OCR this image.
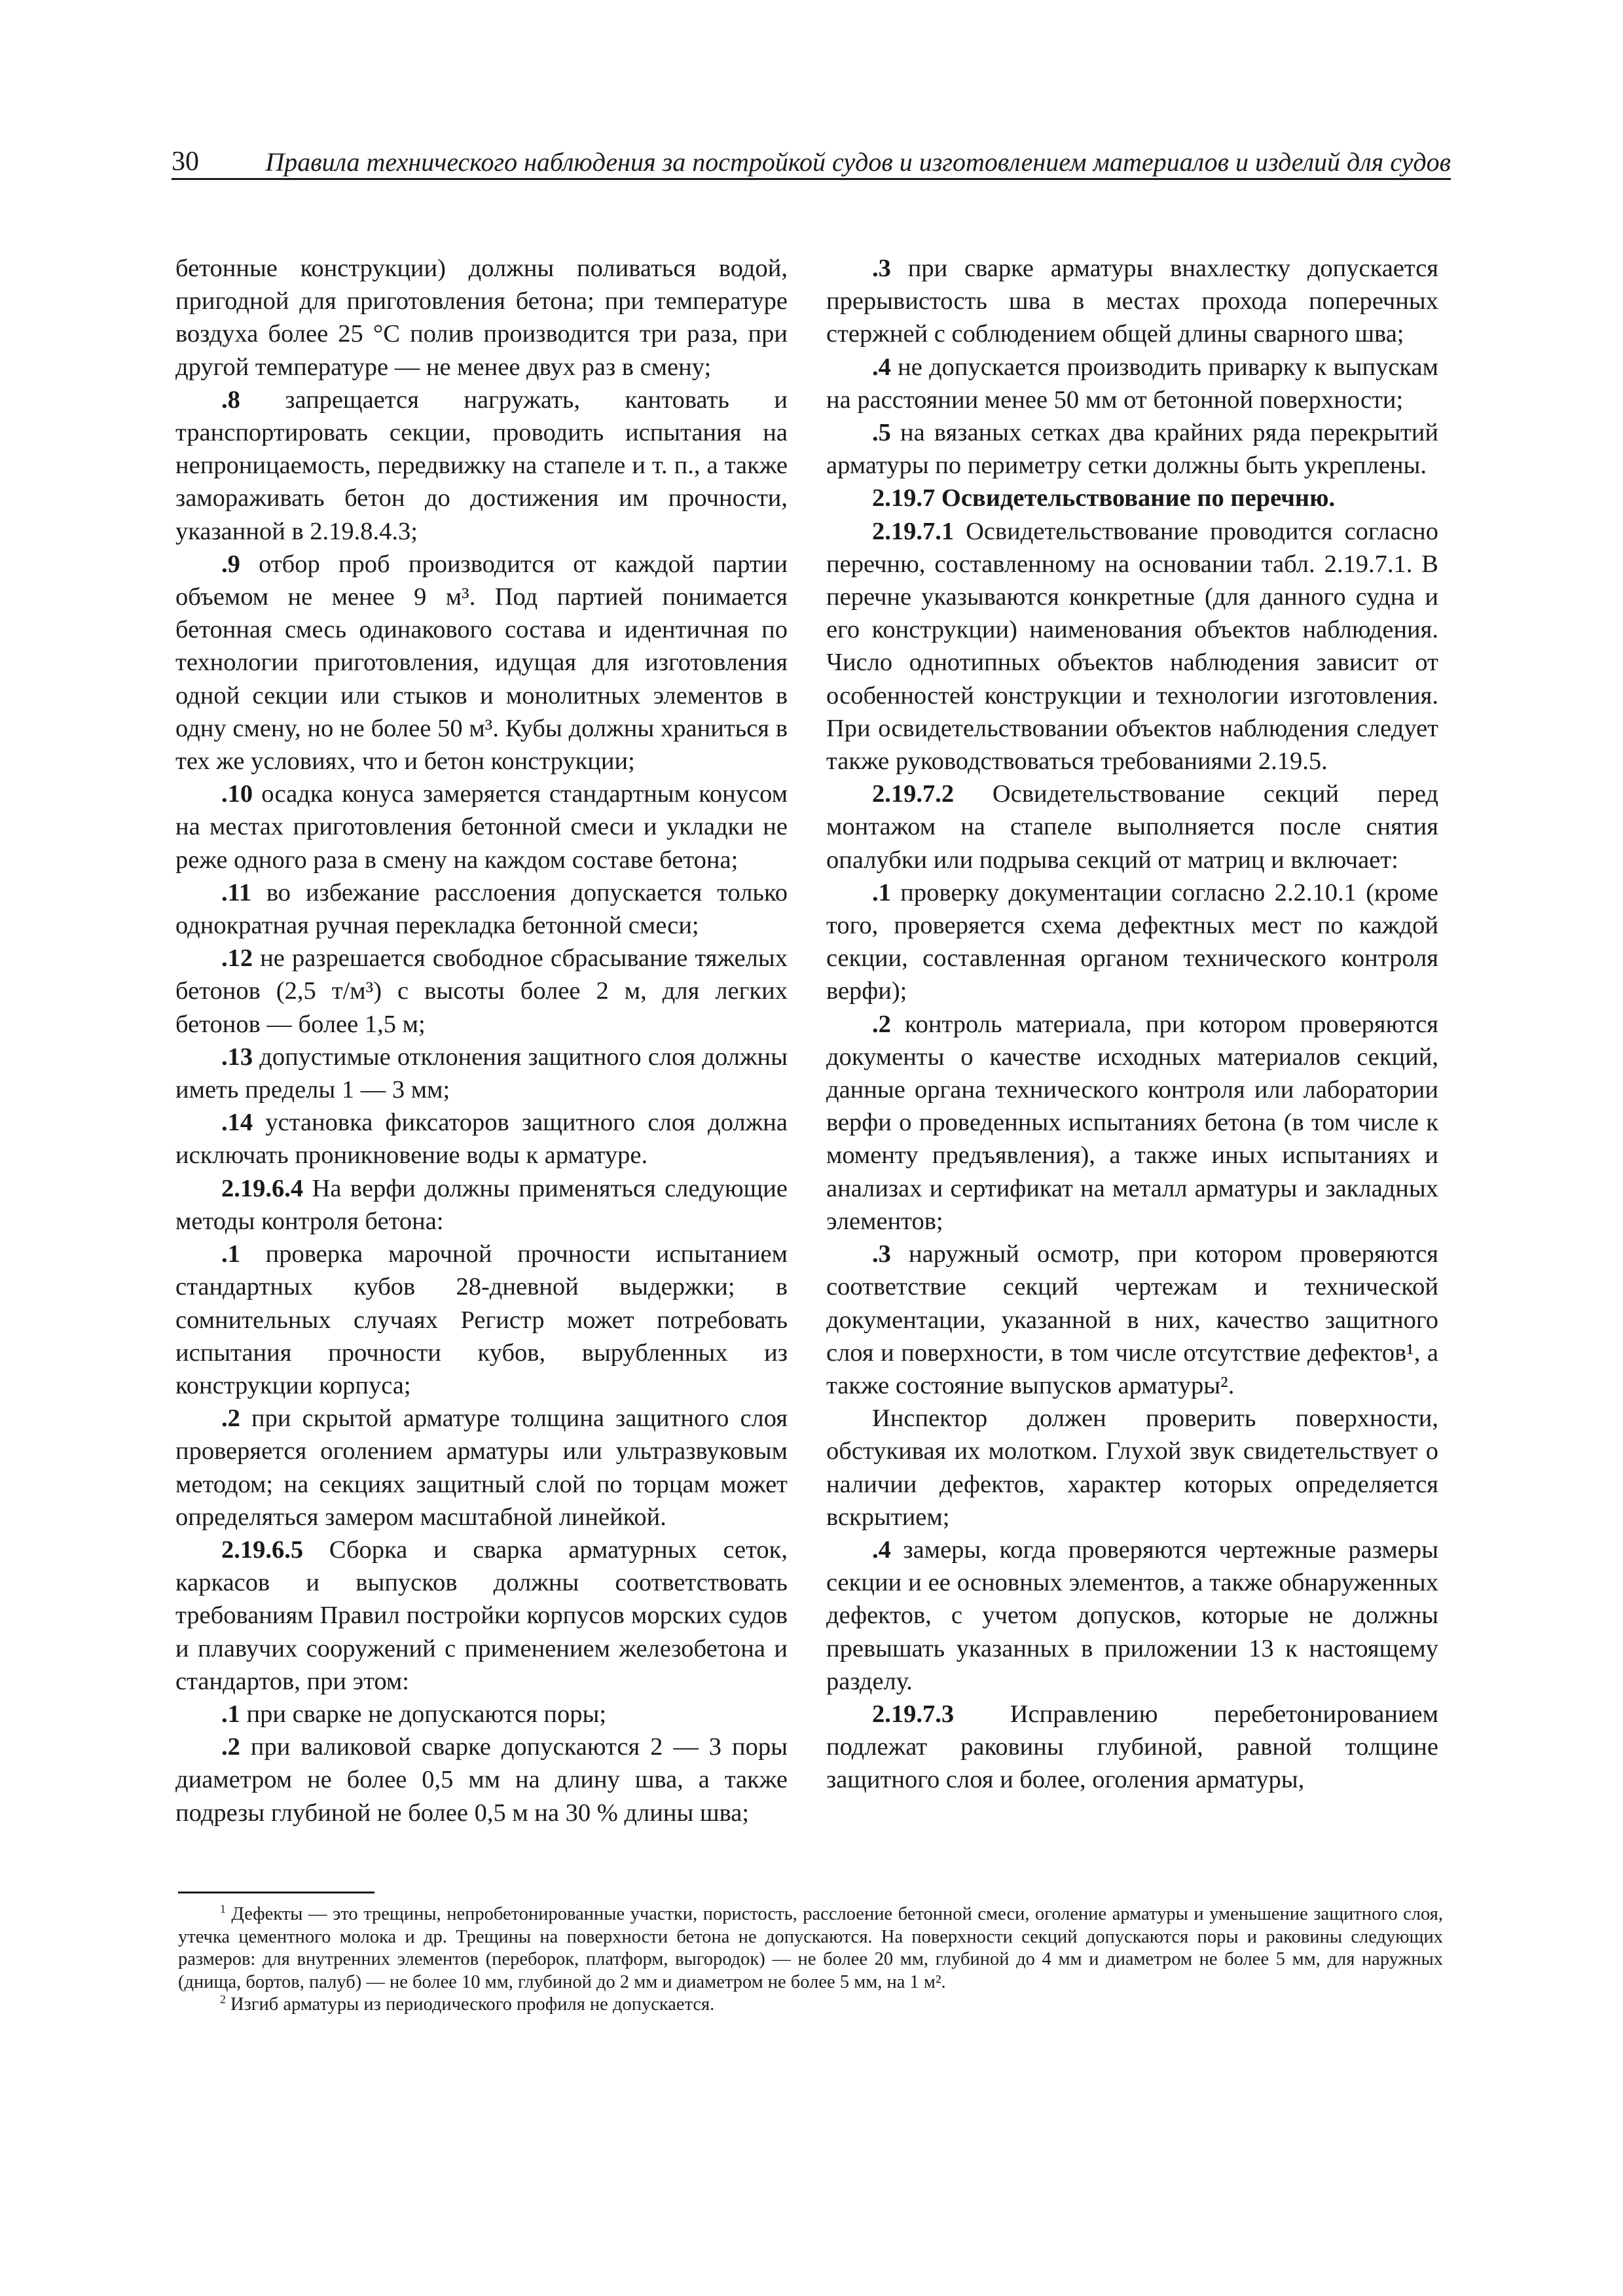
30	Правила технического наблюдения за постройкой судов и изготовлением материалов и изделий для судов

бетонные конструкции) должны поливаться водой, пригодной для приготовления бетона; при температуре воздуха более 25 °С полив производится три раза, при другой температуре — не менее двух раз в смену;

.8 запрещается нагружать, кантовать и транспортировать секции, проводить испытания на непроницаемость, передвижку на стапеле и т. п., а также замораживать бетон до достижения им прочности, указанной в 2.19.8.4.3;

.9 отбор проб производится от каждой партии объемом не менее 9 м³. Под партией понимается бетонная смесь одинакового состава и идентичная по технологии приготовления, идущая для изготовления одной секции или стыков и монолитных элементов в одну смену, но не более 50 м³. Кубы должны храниться в тех же условиях, что и бетон конструкции;

.10 осадка конуса замеряется стандартным конусом на местах приготовления бетонной смеси и укладки не реже одного раза в смену на каждом составе бетона;

.11 во избежание расслоения допускается только однократная ручная перекладка бетонной смеси;

.12 не разрешается свободное сбрасывание тяжелых бетонов (2,5 т/м³) с высоты более 2 м, для легких бетонов — более 1,5 м;

.13 допустимые отклонения защитного слоя должны иметь пределы 1 — 3 мм;

.14 установка фиксаторов защитного слоя должна исключать проникновение воды к арматуре.

2.19.6.4 На верфи должны применяться следующие методы контроля бетона:

.1 проверка марочной прочности испытанием стандартных кубов 28-дневной выдержки; в сомнительных случаях Регистр может потребовать испытания прочности кубов, вырубленных из конструкции корпуса;

.2 при скрытой арматуре толщина защитного слоя проверяется оголением арматуры или ультразвуковым методом; на секциях защитный слой по торцам может определяться замером масштабной линейкой.

2.19.6.5 Сборка и сварка арматурных сеток, каркасов и выпусков должны соответствовать требованиям Правил постройки корпусов морских судов и плавучих сооружений с применением железобетона и стандартов, при этом:

.1 при сварке не допускаются поры;

.2 при валиковой сварке допускаются 2 — 3 поры диаметром не более 0,5 мм на длину шва, а также подрезы глубиной не более 0,5 м на 30 % длины шва;

.3 при сварке арматуры внахлестку допускается прерывистость шва в местах прохода поперечных стержней с соблюдением общей длины сварного шва;

.4 не допускается производить приварку к выпускам на расстоянии менее 50 мм от бетонной поверхности;

.5 на вязаных сетках два крайних ряда перекрытий арматуры по периметру сетки должны быть укреплены.

2.19.7 Освидетельствование по перечню.

2.19.7.1 Освидетельствование проводится согласно перечню, составленному на основании табл. 2.19.7.1. В перечне указываются конкретные (для данного судна и его конструкции) наименования объектов наблюдения. Число однотипных объектов наблюдения зависит от особенностей конструкции и технологии изготовления. При освидетельствовании объектов наблюдения следует также руководствоваться требованиями 2.19.5.

2.19.7.2 Освидетельствование секций перед монтажом на стапеле выполняется после снятия опалубки или подрыва секций от матриц и включает:

.1 проверку документации согласно 2.2.10.1 (кроме того, проверяется схема дефектных мест по каждой секции, составленная органом технического контроля верфи);

.2 контроль материала, при котором проверяются документы о качестве исходных материалов секций, данные органа технического контроля или лаборатории верфи о проведенных испытаниях бетона (в том числе к моменту предъявления), а также иных испытаниях и анализах и сертификат на металл арматуры и закладных элементов;

.3 наружный осмотр, при котором проверяются соответствие секций чертежам и технической документации, указанной в них, качество защитного слоя и поверхности, в том числе отсутствие дефектов¹, а также состояние выпусков арматуры².

Инспектор должен проверить поверхности, обстукивая их молотком. Глухой звук свидетельствует о наличии дефектов, характер которых определяется вскрытием;

.4 замеры, когда проверяются чертежные размеры секции и ее основных элементов, а также обнаруженных дефектов, с учетом допусков, которые не должны превышать указанных в приложении 13 к настоящему разделу.

2.19.7.3 Исправлению перебетонированием подлежат раковины глубиной, равной толщине защитного слоя и более, оголения арматуры,

$^1$ Дефекты — это трещины, непробетонированные участки, пористость, расслоение бетонной смеси, оголение арматуры и уменьшение защитного слоя, утечка цементного молока и др. Трещины на поверхности бетона не допускаются. На поверхности секций допускаются поры и раковины следующих размеров: для внутренних элементов (переборок, платформ, выгородок) — не более 20 мм, глубиной до 4 мм и диаметром не более 5 мм, для наружных (днища, бортов, палуб) — не более 10 мм, глубиной до 2 мм и диаметром не более 5 мм, на 1 м².

$^2$ Изгиб арматуры из периодического профиля не допускается.
